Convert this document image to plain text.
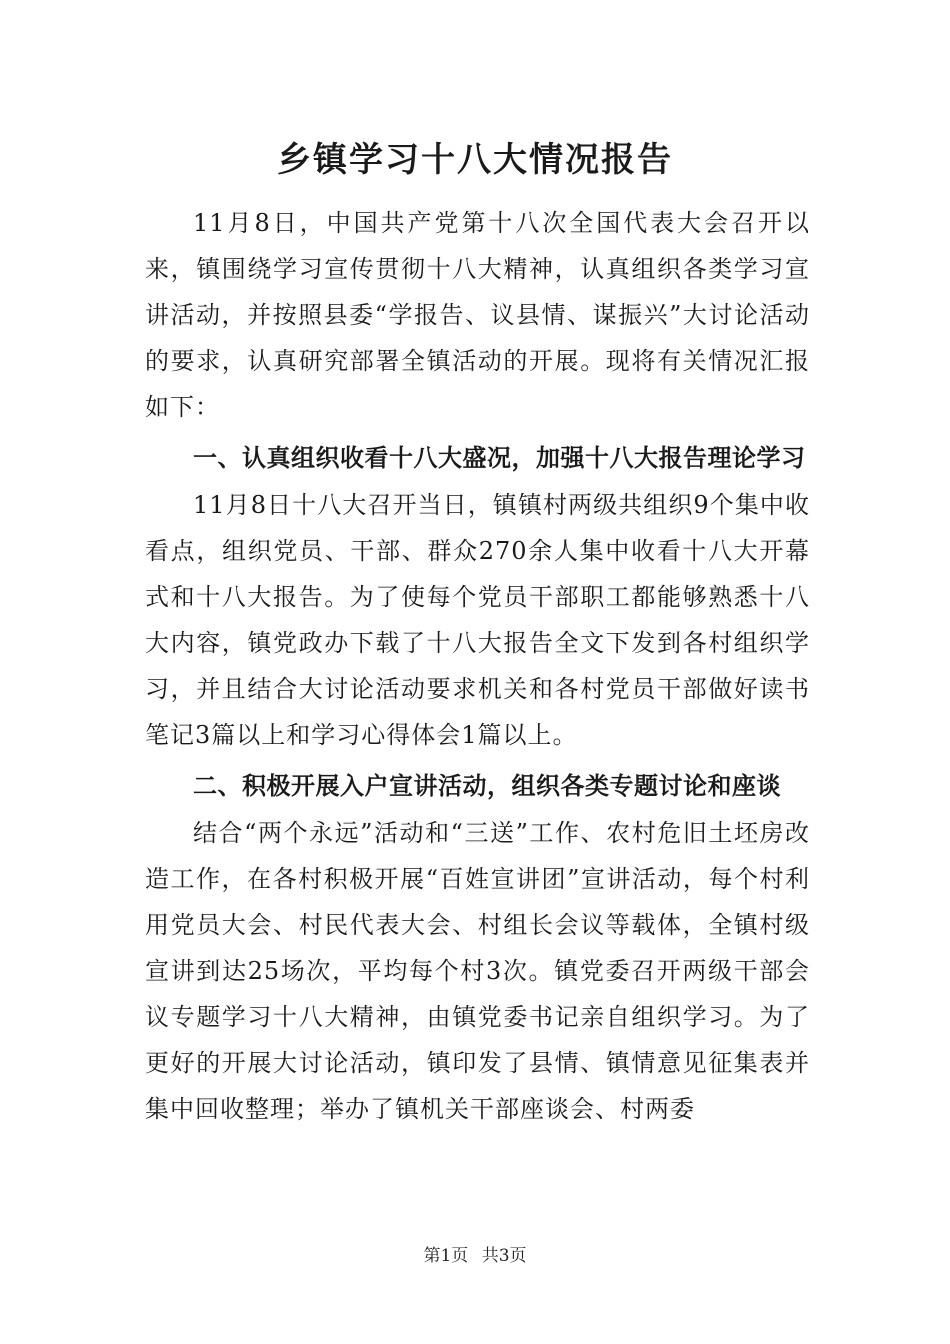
乡镇学习十八大情况报告

11月8日，中国共产党第十八次全国代表大会召开以来，镇围绕学习宣传贯彻十八大精神，认真组织各类学习宣讲活动，并按照县委“学报告、议县情、谋振兴”大讨论活动的要求，认真研究部署全镇活动的开展。现将有关情况汇报如下：

一、认真组织收看十八大盛况，加强十八大报告理论学习

11月8日十八大召开当日，镇镇村两级共组织9个集中收看点，组织党员、干部、群众270余人集中收看十八大开幕式和十八大报告。为了使每个党员干部职工都能够熟悉十八大内容，镇党政办下载了十八大报告全文下发到各村组织学习，并且结合大讨论活动要求机关和各村党员干部做好读书笔记3篇以上和学习心得体会1篇以上。

二、积极开展入户宣讲活动，组织各类专题讨论和座谈

结合“两个永远”活动和“三送”工作、农村危旧土坯房改造工作，在各村积极开展“百姓宣讲团”宣讲活动，每个村利用党员大会、村民代表大会、村组长会议等载体，全镇村级宣讲到达25场次，平均每个村3次。镇党委召开两级干部会议专题学习十八大精神，由镇党委书记亲自组织学习。为了更好的开展大讨论活动，镇印发了县情、镇情意见征集表并集中回收整理；举办了镇机关干部座谈会、村两委

第1页 共3页
